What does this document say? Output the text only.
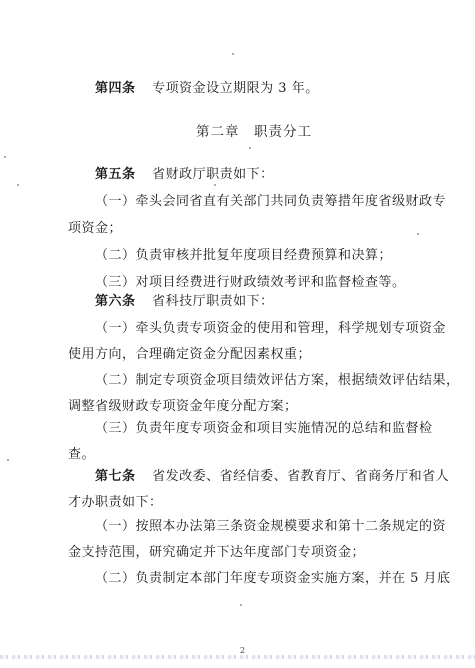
第四条 专项资金设立期限为 3 年。
第二章　职责分工
第五条 省财政厅职责如下：
（一）牵头会同省直有关部门共同负责筹措年度省级财政专
项资金；
（二）负责审核并批复年度项目经费预算和决算；
（三）对项目经费进行财政绩效考评和监督检查等。
第六条 省科技厅职责如下：
（一）牵头负责专项资金的使用和管理，科学规划专项资金
使用方向，合理确定资金分配因素权重；
（二）制定专项资金项目绩效评估方案，根据绩效评估结果，
调整省级财政专项资金年度分配方案；
（三）负责年度专项资金和项目实施情况的总结和监督检
查。
第七条 省发改委、省经信委、省教育厅、省商务厅和省人
才办职责如下：
（一）按照本办法第三条资金规模要求和第十二条规定的资
金支持范围，研究确定并下达年度部门专项资金；
（二）负责制定本部门年度专项资金实施方案，并在 5 月底
2
